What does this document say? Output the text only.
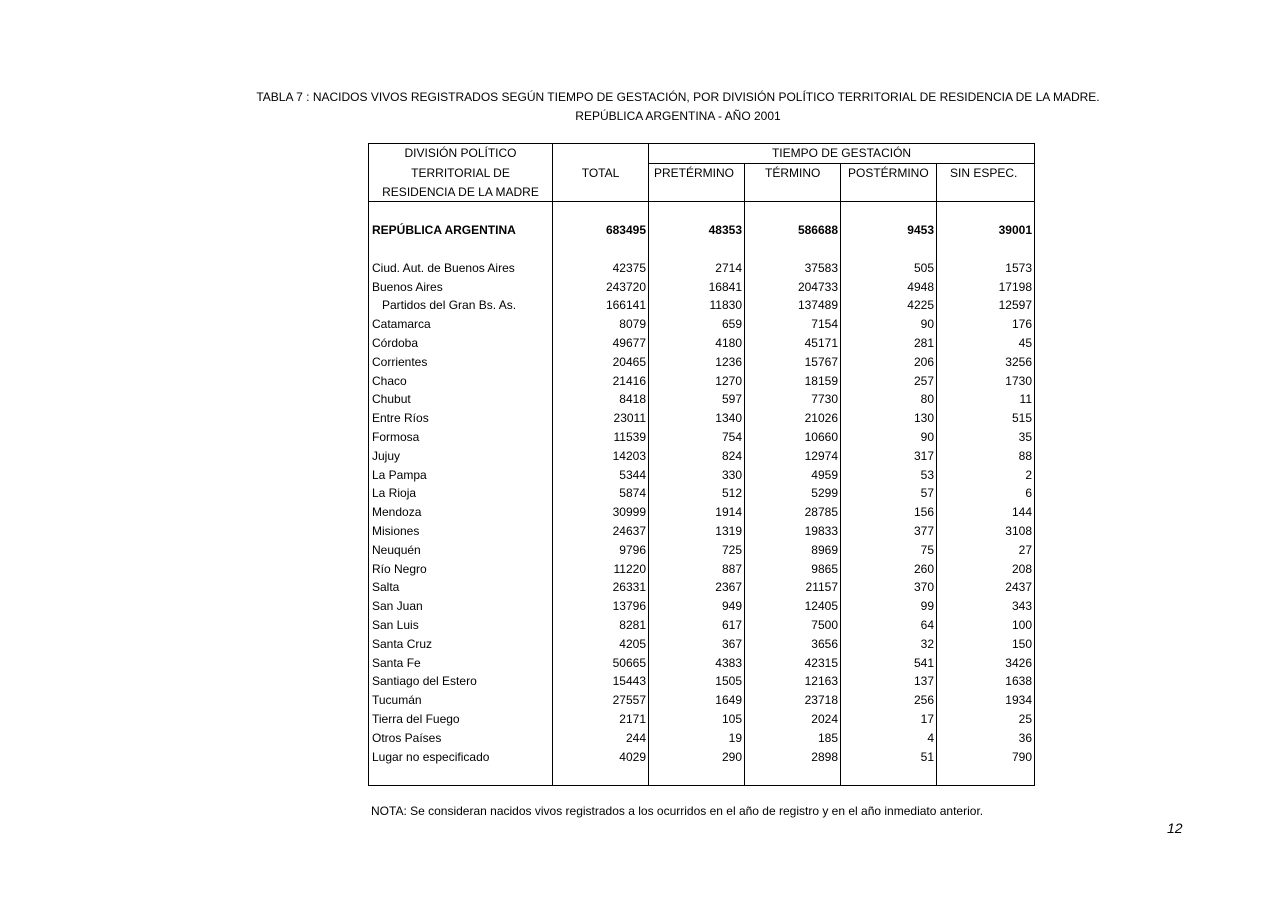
TABLA 7 : NACIDOS VIVOS REGISTRADOS SEGÚN TIEMPO DE GESTACIÓN, POR DIVISIÓN POLÍTICO TERRITORIAL DE RESIDENCIA DE LA MADRE.
REPÚBLICA ARGENTINA - AÑO 2001
DIVISIÓN POLÍTICO		TIEMPO DE GESTACIÓN			
TERRITORIAL DE	TOTAL	PRETÉRMINO	TÉRMINO	POSTÉRMINO	SIN ESPEC.
RESIDENCIA DE LA MADRE					

REPÚBLICA ARGENTINA	683495	48353	586688	9453	39001

Ciud. Aut. de Buenos Aires	42375	2714	37583	505	1573
Buenos Aires	243720	16841	204733	4948	17198
Partidos del Gran Bs. As.	166141	11830	137489	4225	12597
Catamarca	8079	659	7154	90	176
Córdoba	49677	4180	45171	281	45
Corrientes	20465	1236	15767	206	3256
Chaco	21416	1270	18159	257	1730
Chubut	8418	597	7730	80	11
Entre Ríos	23011	1340	21026	130	515
Formosa	11539	754	10660	90	35
Jujuy	14203	824	12974	317	88
La Pampa	5344	330	4959	53	2
La Rioja	5874	512	5299	57	6
Mendoza	30999	1914	28785	156	144
Misiones	24637	1319	19833	377	3108
Neuquén	9796	725	8969	75	27
Río Negro	11220	887	9865	260	208
Salta	26331	2367	21157	370	2437
San Juan	13796	949	12405	99	343
San Luis	8281	617	7500	64	100
Santa Cruz	4205	367	3656	32	150
Santa Fe	50665	4383	42315	541	3426
Santiago del Estero	15443	1505	12163	137	1638
Tucumán	27557	1649	23718	256	1934
Tierra del Fuego	2171	105	2024	17	25
Otros Países	244	19	185	4	36
Lugar no especificado	4029	290	2898	51	790

NOTA: Se consideran nacidos vivos registrados a los ocurridos en el año de registro y en el año inmediato anterior.
12
